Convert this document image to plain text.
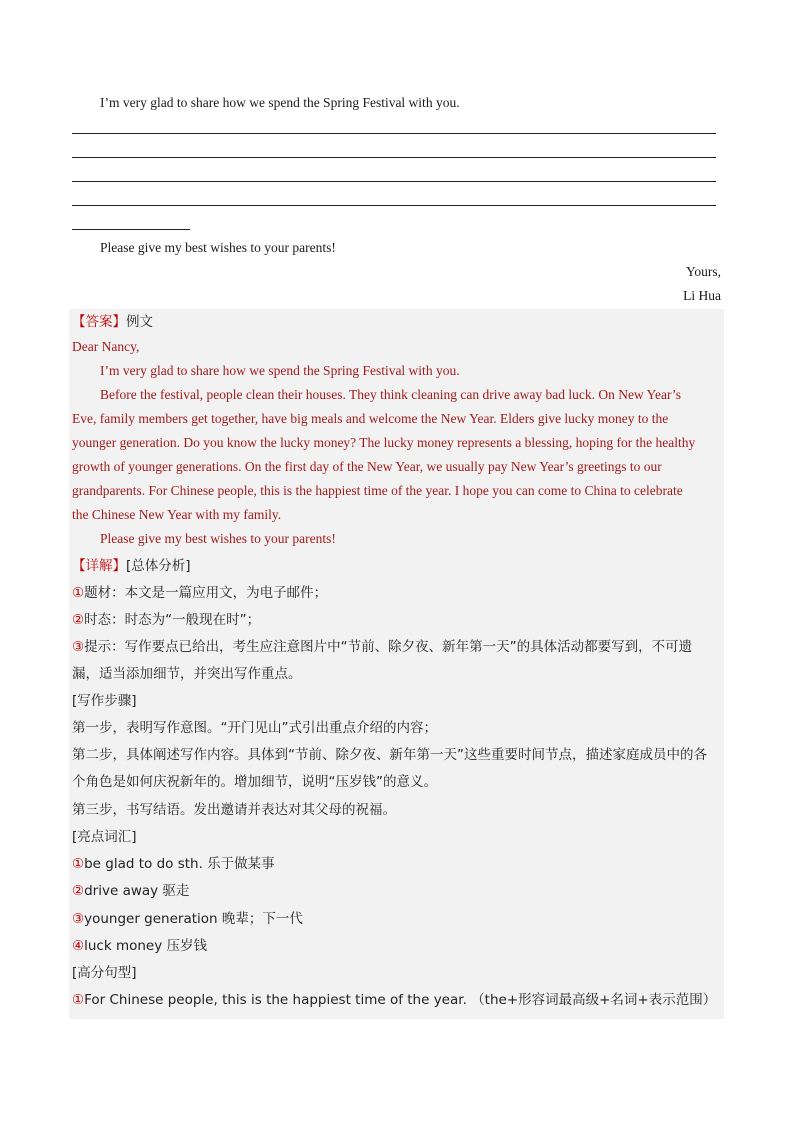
I’m very glad to share how we spend the Spring Festival with you.
Please give my best wishes to your parents!
Yours,
Li Hua
【答案】例文
Dear Nancy,
I’m very glad to share how we spend the Spring Festival with you.
Before the festival, people clean their houses. They think cleaning can drive away bad luck. On New Year’s
Eve, family members get together, have big meals and welcome the New Year. Elders give lucky money to the
younger generation. Do you know the lucky money? The lucky money represents a blessing, hoping for the healthy
growth of younger generations. On the first day of the New Year, we usually pay New Year’s greetings to our
grandparents. For Chinese people, this is the happiest time of the year. I hope you can come to China to celebrate
the Chinese New Year with my family.
Please give my best wishes to your parents!
【详解】[总体分析]
①题材：本文是一篇应用文，为电子邮件；
②时态：时态为“一般现在时”；
③提示：写作要点已给出，考生应注意图片中“节前、除夕夜、新年第一天”的具体活动都要写到，不可遗
漏，适当添加细节，并突出写作重点。
[写作步骤]
第一步，表明写作意图。“开门见山”式引出重点介绍的内容；
第二步，具体阐述写作内容。具体到“节前、除夕夜、新年第一天”这些重要时间节点，描述家庭成员中的各
个角色是如何庆祝新年的。增加细节，说明“压岁钱”的意义。
第三步，书写结语。发出邀请并表达对其父母的祝福。
[亮点词汇]
①be glad to do sth. 乐于做某事
②drive away 驱走
③younger generation 晚辈；下一代
④luck money 压岁钱
[高分句型]
①For Chinese people, this is the happiest time of the year. （the+形容词最高级+名词+表示范围）
